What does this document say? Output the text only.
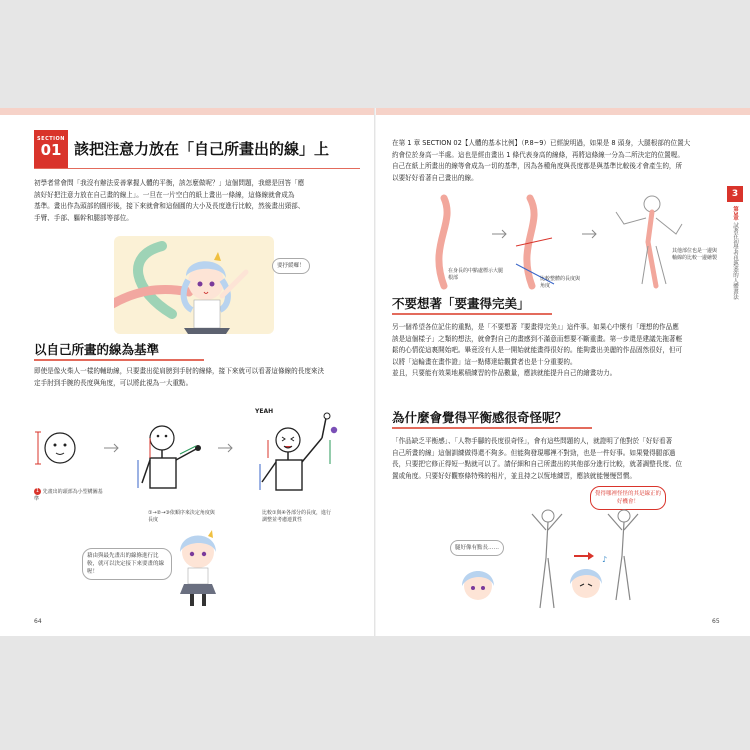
SECTION
01 該把注意力放在「自己所畫出的線」上
初學者常會問「我沒有辦法妥善掌握人體的平衡，該怎麼做呢？」這個問題，我總是回答「應
該好好把注意力放在自己畫的線上」。一旦在一片空白的紙上畫出一條線，這條線就會成為
基準。畫出作為頭部的圓形後，接下來就會和這個圓的大小及長度進行比較，然後畫出頸部、
手臂、手部、軀幹和腿部等部位。
要抒緩囉！
以自己所畫的線為基準
即使是像火柴人一樣的輔助線，只要畫出從肩膀到手肘的線條，接下來就可以看著這條線的長度來決
定手肘到手腕的長度與角度，可以將此視為一大重點。
YEAH
1 先畫出的頭部為小型構圖基準
①→②→③依順序來決定角度與長度
比較①與④各部分的長度，進行調整並考慮連貫性
藉由與最先畫出的線條進行比較，就可以決定接下來要畫的線喔！
64
在第 1 章 SECTION 02【人體的基本比例】（P.8~9）已經說明過，如果是 8 頭身，大腿根部的位置大
約會位於身高一半處。這也是經由畫出 1 條代表身高的線條，再將這條線一分為二所決定的位置喔。
自己在紙上所畫出的線等會成為一切的基準，因為各種角度與長度都是與基準比較後才會產生的，所
以要好好看著自己畫出的線。
在身長的中點處標示大腿根部	比較整體的長度與角度
其他部位也是一邊與軸線的比較一邊繪製
不要想著「要畫得完美」
另一個希望各位記住的重點，是「不要想著『要畫得完美』」這件事。如果心中懷有「理想的作品應
該是這個樣子」之類的想法，就會對自己的畫感到不滿意而想要不斷重畫。第一步還是建議先拖著輕
鬆的心情從這裏開始吧。畢竟沒有人是一開始就能畫得很好的。能夠畫出美麗的作品固然很好，但可
以將「這輪畫在畫作證」這一點傳達給觀賞者也是十分重要的。
並且，只要能有效果地累積練習的作品數量，應該就能提升自己的繪畫功力。
為什麼會覺得平衡感很奇怪呢？
「作品缺乏平衡感」、「人物手腳的長度很奇怪」，會有這些問題的人，就證明了他對於「好好看著
自己所畫的線」這個訓練做得還不夠多。但能夠發現哪裡不對勁，也是一件好事。如果覺得腿部過
長，只要把它修正得短一點就可以了。請仔細和自己所畫出的其他部分進行比較，就著調整長度、位
置或角度。只要好好觀察條特殊的相片，並且持之以恆地練習，應該就能慢慢習慣。
覺得哪裡怪怪的其是線正的好機會！
腿好像有點長……
♪
65
3
第3章 試著在初學者也熟悉的人體畫法
